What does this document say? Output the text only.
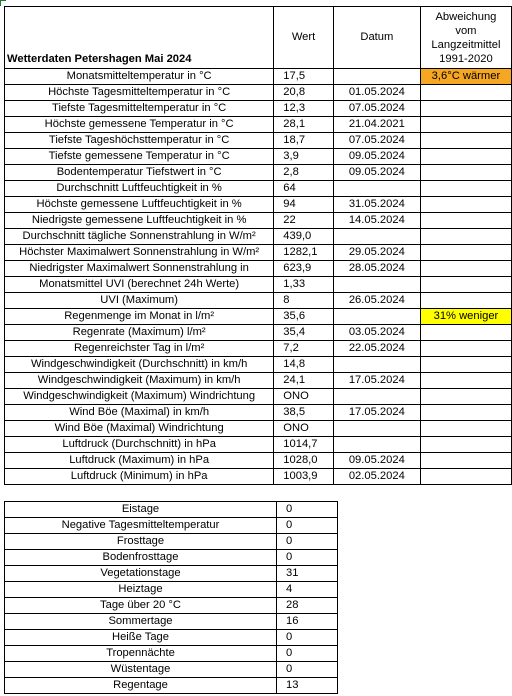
Wetterdaten Petershagen Mai 2024	Wert	Datum	Abweichung
vom
Langzeitmittel
1991-2020

Monatsmitteltemperatur in °C	17,5		3,6°C wärmer
Höchste Tagesmitteltemperatur in °C	20,8	01.05.2024	
Tiefste Tagesmitteltemperatur in °C	12,3	07.05.2024	
Höchste gemessene Temperatur in °C	28,1	21.04.2021	
Tiefste Tageshöchsttemperatur in °C	18,7	07.05.2024	
Tiefste gemessene Temperatur in °C	3,9	09.05.2024	
Bodentemperatur Tiefstwert in °C	2,8	09.05.2024	
Durchschnitt Luftfeuchtigkeit in %	64		
Höchste gemessene Luftfeuchtigkeit in %	94	31.05.2024	
Niedrigste gemessene Luftfeuchtigkeit in %	22	14.05.2024	
Durchschnitt tägliche Sonnenstrahlung in W/m²	439,0		
Höchster Maximalwert Sonnenstrahlung in W/m²	1282,1	29.05.2024	
Niedrigster Maximalwert Sonnenstrahlung in	623,9	28.05.2024	
Monatsmittel UVI (berechnet 24h Werte)	1,33		
UVI (Maximum)	8	26.05.2024	
Regenmenge im Monat in l/m²	35,6		31% weniger
Regenrate (Maximum) l/m²	35,4	03.05.2024	
Regenreichster Tag in l/m²	7,2	22.05.2024	
Windgeschwindigkeit (Durchschnitt) in km/h	14,8		
Windgeschwindigkeit (Maximum) in km/h	24,1	17.05.2024	
Windgeschwindigkeit (Maximum) Windrichtung	ONO		
Wind Böe (Maximal) in km/h	38,5	17.05.2024	
Wind Böe (Maximal) Windrichtung	ONO		
Luftdruck (Durchschnitt) in hPa	1014,7		
Luftdruck (Maximum) in hPa	1028,0	09.05.2024	
Luftdruck (Minimum) in hPa	1003,9	02.05.2024	
Eistage	0
Negative Tagesmitteltemperatur	0
Frosttage	0
Bodenfrosttage	0
Vegetationstage	31
Heiztage	4
Tage über 20 °C	28
Sommertage	16
Heiße Tage	0
Tropennächte	0
Wüstentage	0
Regentage	13
